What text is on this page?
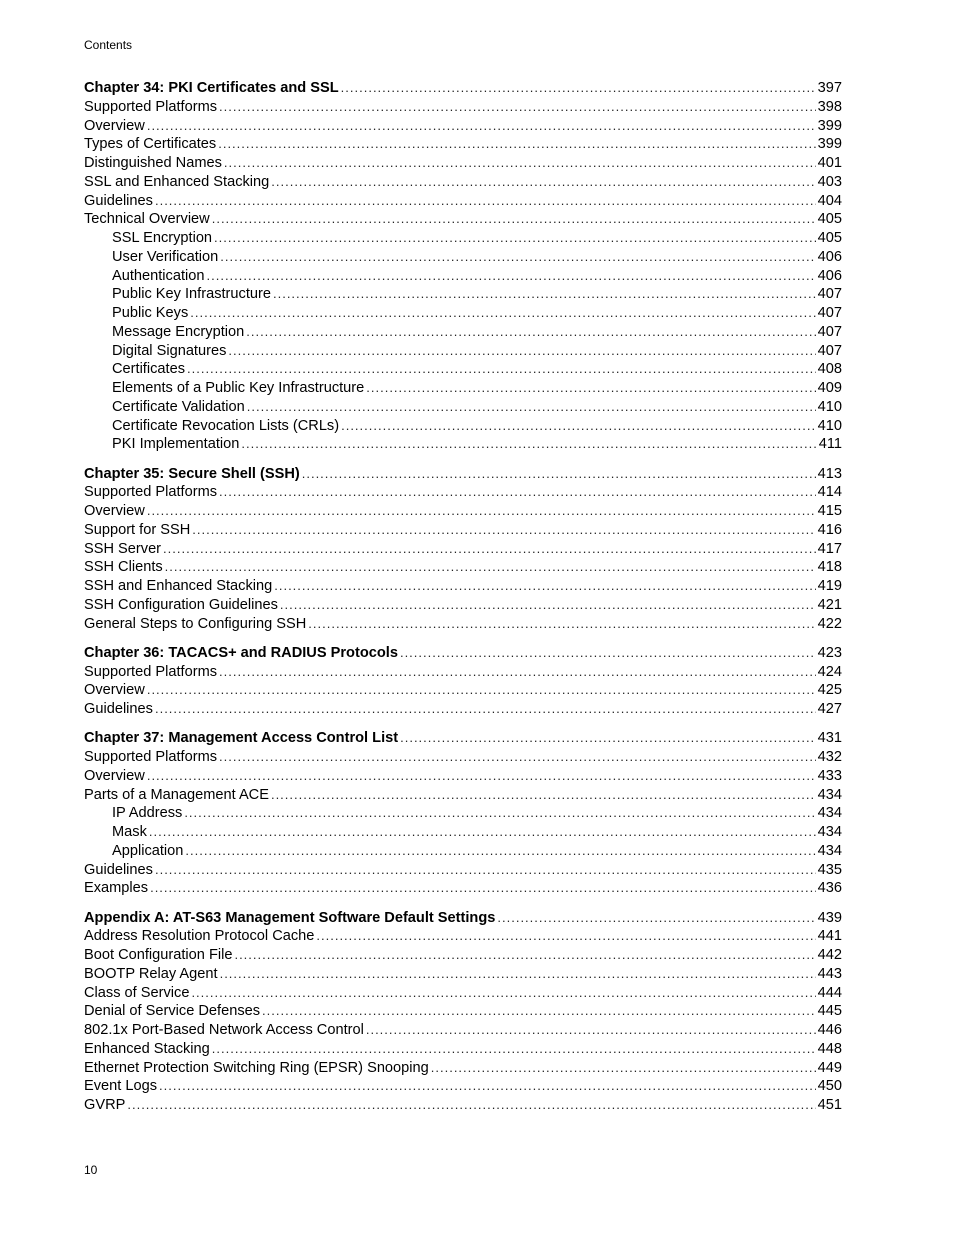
Contents
Chapter 34: PKI Certificates and SSL .....	397
Supported Platforms .....	398
Overview .....	399
Types of Certificates .....	399
Distinguished Names .....	401
SSL and Enhanced Stacking .....	403
Guidelines .....	404
Technical Overview .....	405
SSL Encryption .....	405
User Verification .....	406
Authentication .....	406
Public Key Infrastructure .....	407
Public Keys .....	407
Message Encryption .....	407
Digital Signatures .....	407
Certificates .....	408
Elements of a Public Key Infrastructure .....	409
Certificate Validation .....	410
Certificate Revocation Lists (CRLs) .....	410
PKI Implementation .....	411
Chapter 35: Secure Shell (SSH) .....	413
Supported Platforms .....	414
Overview .....	415
Support for SSH .....	416
SSH Server .....	417
SSH Clients .....	418
SSH and Enhanced Stacking .....	419
SSH Configuration Guidelines .....	421
General Steps to Configuring SSH .....	422
Chapter 36: TACACS+ and RADIUS Protocols .....	423
Supported Platforms .....	424
Overview .....	425
Guidelines .....	427
Chapter 37: Management Access Control List .....	431
Supported Platforms .....	432
Overview .....	433
Parts of a Management ACE .....	434
IP Address .....	434
Mask .....	434
Application .....	434
Guidelines .....	435
Examples .....	436
Appendix A: AT-S63 Management Software Default Settings .....	439
Address Resolution Protocol Cache .....	441
Boot Configuration File .....	442
BOOTP Relay Agent .....	443
Class of Service .....	444
Denial of Service Defenses .....	445
802.1x Port-Based Network Access Control .....	446
Enhanced Stacking .....	448
Ethernet Protection Switching Ring (EPSR) Snooping .....	449
Event Logs .....	450
GVRP .....	451
10
